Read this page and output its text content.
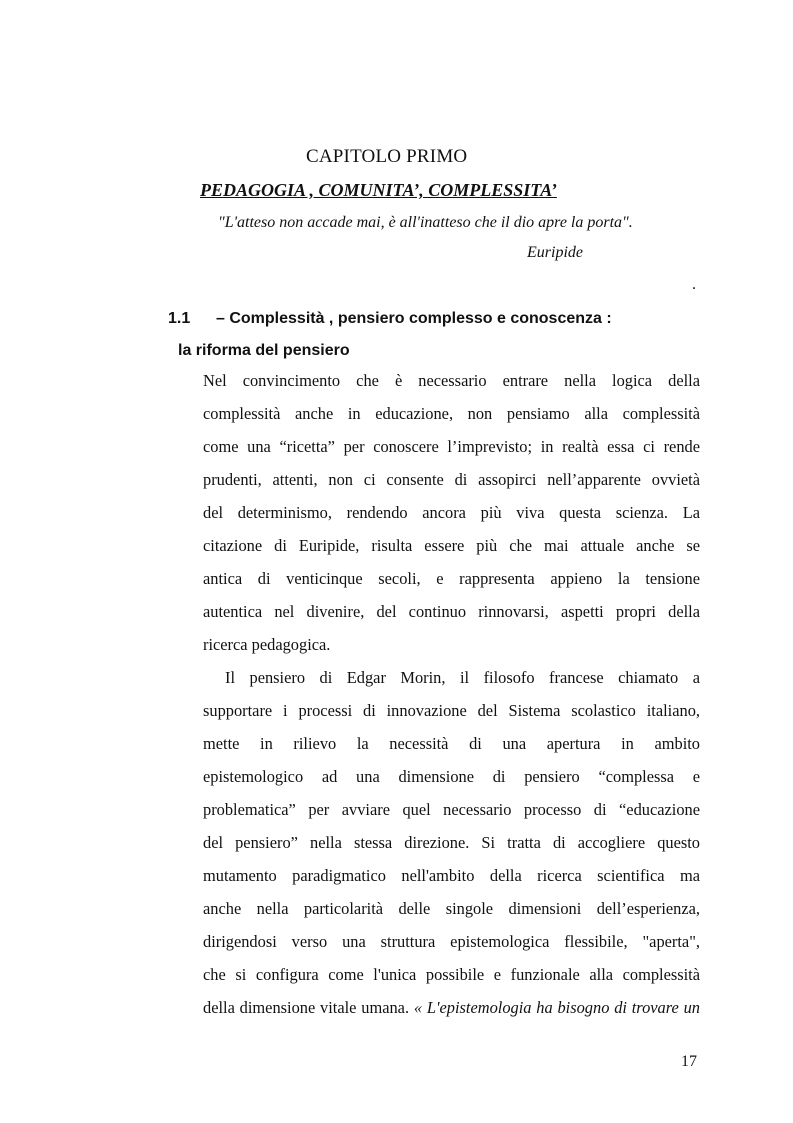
CAPITOLO PRIMO
PEDAGOGIA , COMUNITA’, COMPLESSITA’
"L'atteso non accade mai, è all'inatteso che il dio apre la porta".
Euripide
.
1.1 – Complessità , pensiero complesso e conoscenza :
la riforma del pensiero
Nel convincimento che è necessario entrare nella logica della
complessità anche in educazione, non pensiamo alla complessità
come una “ricetta” per conoscere l’imprevisto; in realtà essa ci rende
prudenti, attenti, non ci consente di assopirci nell’apparente ovvietà
del determinismo, rendendo ancora più viva questa scienza. La
citazione di Euripide, risulta essere più che mai attuale anche se
antica di venticinque secoli, e rappresenta appieno la tensione
autentica nel divenire, del continuo rinnovarsi, aspetti propri della
ricerca pedagogica.
Il pensiero di Edgar Morin, il filosofo francese chiamato a
supportare i processi di innovazione del Sistema scolastico italiano,
mette in rilievo la necessità di una apertura in ambito
epistemologico ad una dimensione di pensiero “complessa e
problematica” per avviare quel necessario processo di “educazione
del pensiero” nella stessa direzione. Si tratta di accogliere questo
mutamento paradigmatico nell'ambito della ricerca scientifica ma
anche nella particolarità delle singole dimensioni dell’esperienza,
dirigendosi verso una struttura epistemologica flessibile, "aperta",
che si configura come l'unica possibile e funzionale alla complessità
della dimensione vitale umana. « L'epistemologia ha bisogno di trovare un
17
